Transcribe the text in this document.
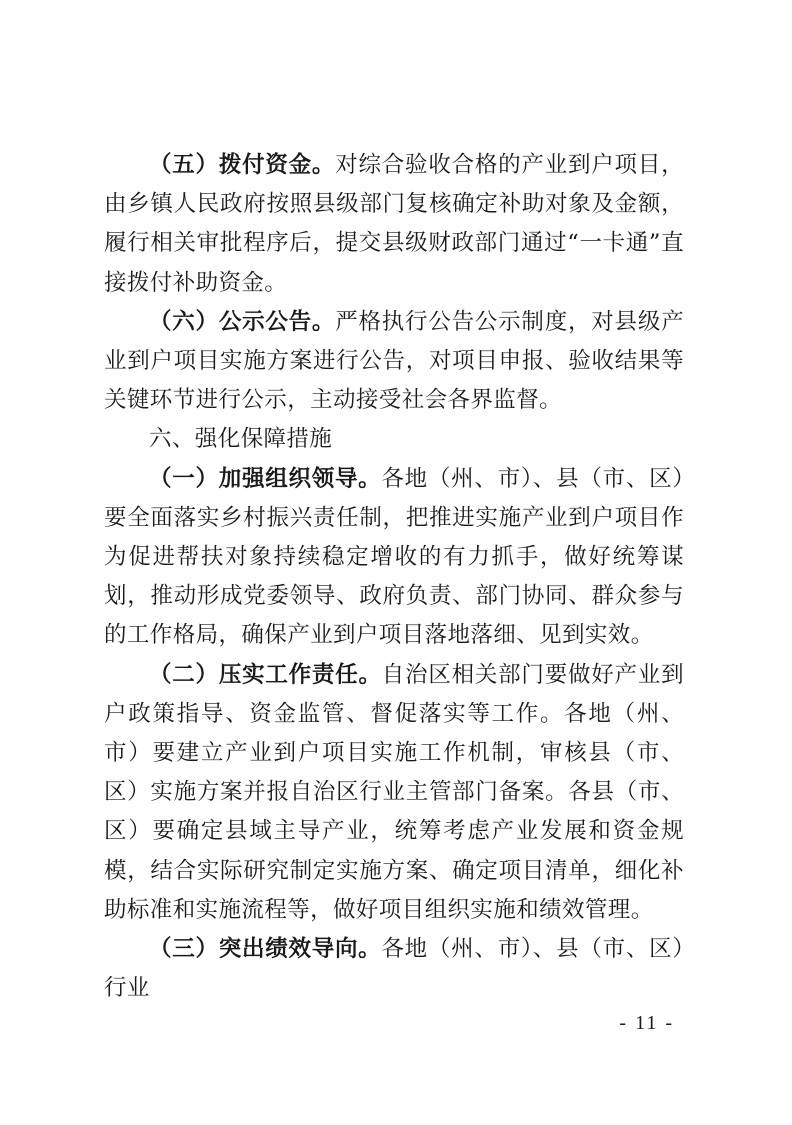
（五）拨付资金。对综合验收合格的产业到户项目，由乡镇人民政府按照县级部门复核确定补助对象及金额，履行相关审批程序后，提交县级财政部门通过“一卡通”直接拨付补助资金。

（六）公示公告。严格执行公告公示制度，对县级产业到户项目实施方案进行公告，对项目申报、验收结果等关键环节进行公示，主动接受社会各界监督。

六、强化保障措施

（一）加强组织领导。各地（州、市）、县（市、区）要全面落实乡村振兴责任制，把推进实施产业到户项目作为促进帮扶对象持续稳定增收的有力抓手，做好统筹谋划，推动形成党委领导、政府负责、部门协同、群众参与的工作格局，确保产业到户项目落地落细、见到实效。

（二）压实工作责任。自治区相关部门要做好产业到户政策指导、资金监管、督促落实等工作。各地（州、市）要建立产业到户项目实施工作机制，审核县（市、区）实施方案并报自治区行业主管部门备案。各县（市、区）要确定县域主导产业，统筹考虑产业发展和资金规模，结合实际研究制定实施方案、确定项目清单，细化补助标准和实施流程等，做好项目组织实施和绩效管理。

（三）突出绩效导向。各地（州、市）、县（市、区）行业

- 11 -
